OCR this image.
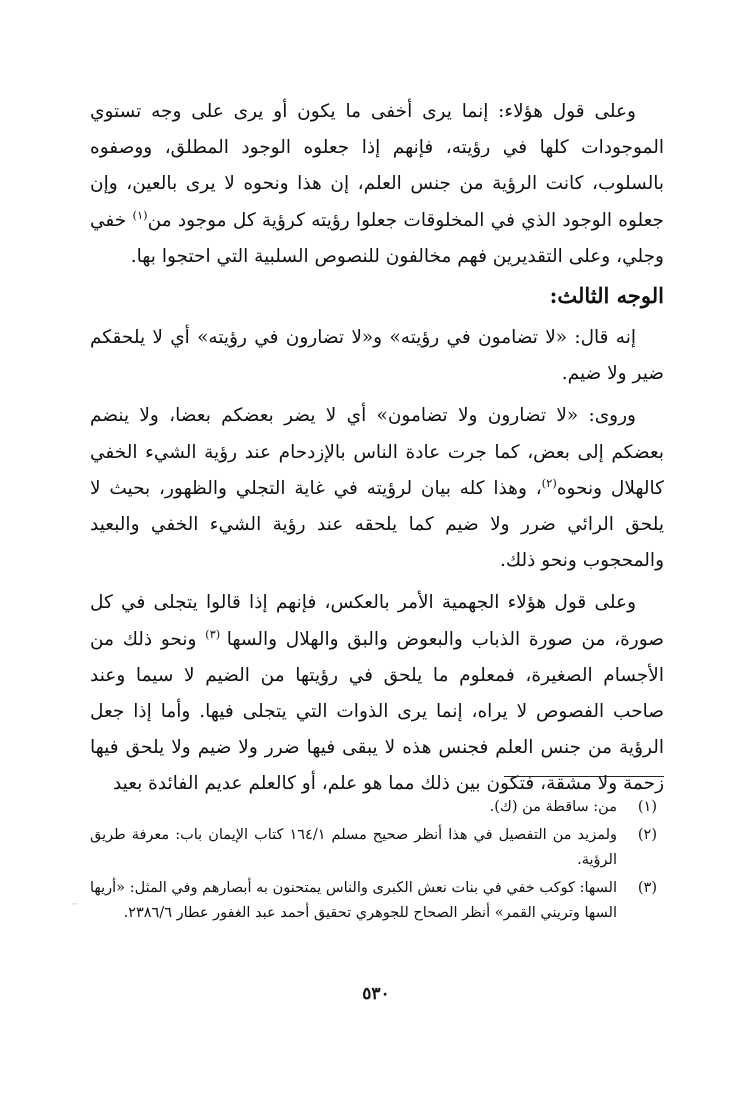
وعلى قول هؤلاء: إنما يرى أخفى ما يكون أو يرى على وجه تستوي الموجودات كلها في رؤيته، فإنهم إذا جعلوه الوجود المطلق، ووصفوه بالسلوب، كانت الرؤية من جنس العلم، إن هذا ونحوه لا يرى بالعين، وإن جعلوه الوجود الذي في المخلوقات جعلوا رؤيته كرؤية كل موجود من$^{(١)}$ خفي وجلي، وعلى التقديرين فهم مخالفون للنصوص السلبية التي احتجوا بها.

الوجه الثالث:

إنه قال: «لا تضامون في رؤيته» و«لا تضارون في رؤيته» أي لا يلحقكم ضير ولا ضيم.

وروى: «لا تضارون ولا تضامون» أي لا يضر بعضكم بعضا، ولا ينضم بعضكم إلى بعض، كما جرت عادة الناس بالإزدحام عند رؤية الشيء الخفي كالهلال ونحوه$^{(٢)}$، وهذا كله بيان لرؤيته في غاية التجلي والظهور، بحيث لا يلحق الرائي ضرر ولا ضيم كما يلحقه عند رؤية الشيء الخفي والبعيد والمحجوب ونحو ذلك.

وعلى قول هؤلاء الجهمية الأمر بالعكس، فإنهم إذا قالوا يتجلى في كل صورة، من صورة الذباب والبعوض والبق والهلال والسها $^{(٣)}$ ونحو ذلك من الأجسام الصغيرة، فمعلوم ما يلحق في رؤيتها من الضيم لا سيما وعند صاحب الفصوص لا يراه، إنما يرى الذوات التي يتجلى فيها. وأما إذا جعل الرؤية من جنس العلم فجنس هذه لا يبقى فيها ضرر ولا ضيم ولا يلحق فيها زحمة ولا مشقة، فتكون بين ذلك مما هو علم، أو كالعلم عديم الفائدة بعيد

(١)
من: ساقطة من (ك).
(٢)
ولمزيد من التفصيل في هذا أنظر صحيح مسلم ١٦٤/١ كتاب الإيمان باب: معرفة طريق الرؤية.
(٣)
السها: كوكب خفي في بنات نعش الكبرى والناس يمتحنون به أبصارهم وفي المثل: «أريها السها وتريني القمر» أنظر الصحاح للجوهري تحقيق أحمد عبد الغفور عطار ٢٣٨٦/٦.
··
٥٣٠
